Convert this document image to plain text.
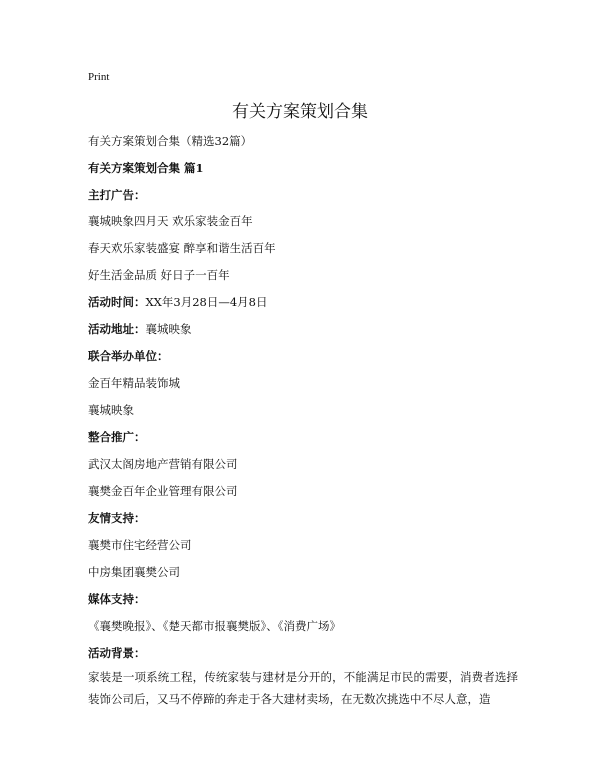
Print
有关方案策划合集
有关方案策划合集（精选32篇）
有关方案策划合集 篇1
主打广告：
襄城映象四月天 欢乐家装金百年
春天欢乐家装盛宴 醉享和谐生活百年
好生活金品质 好日子一百年
活动时间：XX年3月28日—4月8日
活动地址：襄城映象
联合举办单位：
金百年精品装饰城
襄城映象
整合推广：
武汉太阁房地产营销有限公司
襄樊金百年企业管理有限公司
友情支持：
襄樊市住宅经营公司
中房集团襄樊公司
媒体支持：
《襄樊晚报》、《楚天都市报襄樊版》、《消费广场》
活动背景：
家装是一项系统工程，传统家装与建材是分开的，不能满足市民的需要，消费者选择装饰公司后，又马不停蹄的奔走于各大建材卖场，在无数次挑选中不尽人意，造
